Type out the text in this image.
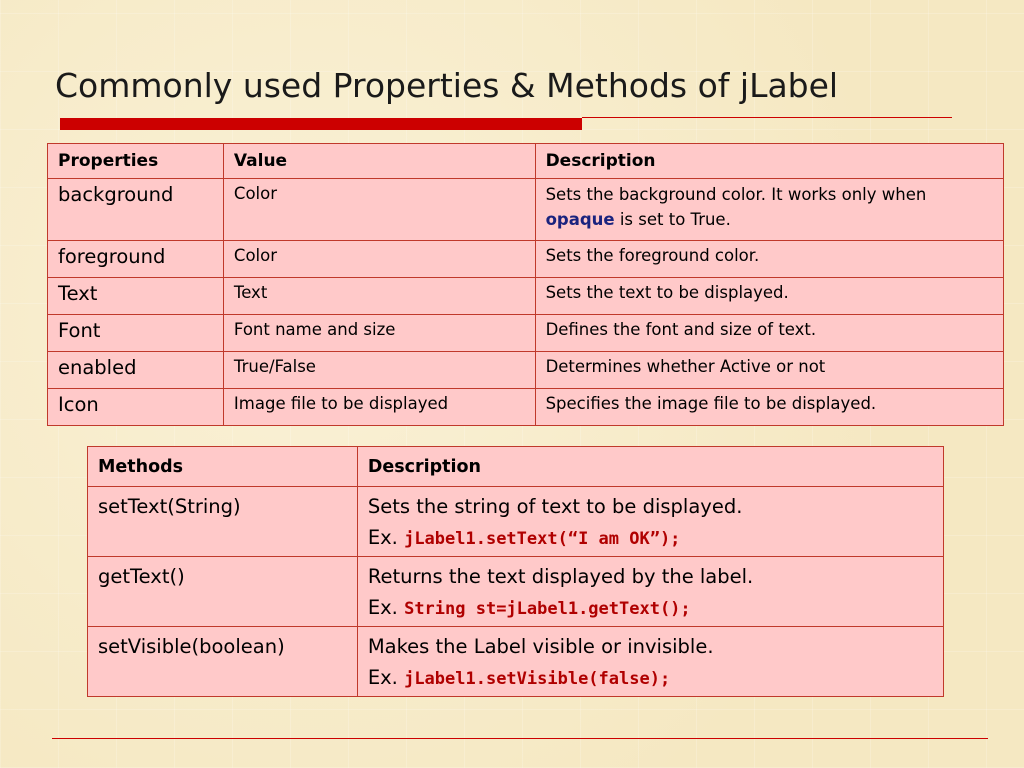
Commonly used Properties & Methods of jLabel
Properties	Value	Description
background	Color	Sets the background color. It works only when opaque is set to True.
foreground	Color	Sets the foreground color.
Text	Text	Sets the text to be displayed.
Font	Font name and size	Defines the font and size of text.
enabled	True/False	Determines whether Active or not
Icon	Image file to be displayed	Specifies the image file to be displayed.
Methods	Description
setText(String)	Sets the string of text to be displayed.
Ex. jLabel1.setText(“I am OK”);

getText()	Returns the text displayed by the label.
Ex. String st=jLabel1.getText();

setVisible(boolean)	Makes the Label visible or invisible.
Ex. jLabel1.setVisible(false);
